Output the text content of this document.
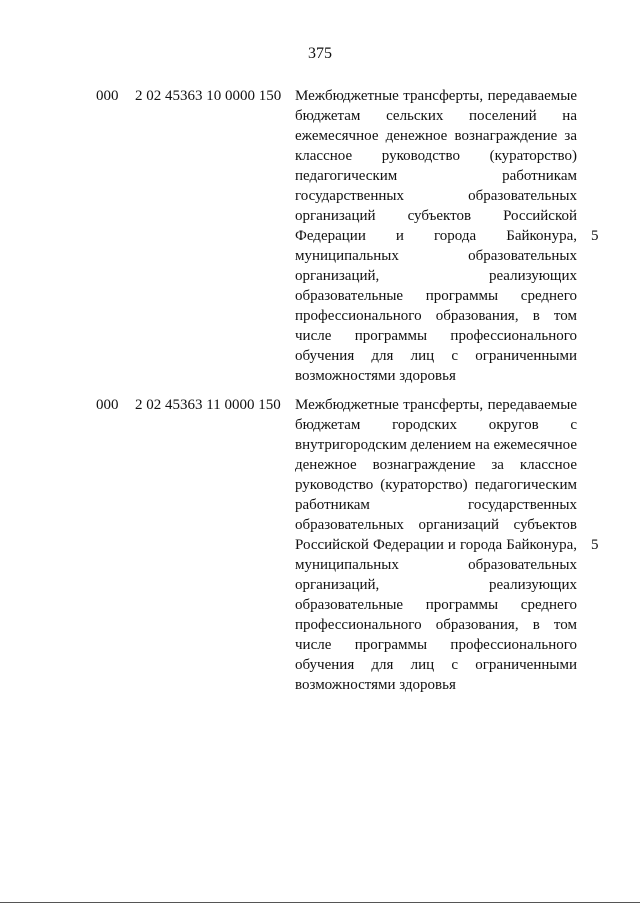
375
000 2 02 45363 10 0000 150 Межбюджетные трансферты, передаваемые
бюджетам сельских поселений на
ежемесячное денежное вознаграждение за
классное руководство (кураторство)
педагогическим работникам
государственных образовательных
организаций субъектов Российской
Федерации и города Байконура,
муниципальных образовательных
организаций, реализующих
образовательные программы среднего
профессионального образования, в том
числе программы профессионального
обучения для лиц с ограниченными
возможностями здоровья
5
000 2 02 45363 11 0000 150 Межбюджетные трансферты, передаваемые
бюджетам городских округов с
внутригородским делением на ежемесячное
денежное вознаграждение за классное
руководство (кураторство) педагогическим
работникам государственных
образовательных организаций субъектов
Российской Федерации и города Байконура,
муниципальных образовательных
организаций, реализующих
образовательные программы среднего
профессионального образования, в том
числе программы профессионального
обучения для лиц с ограниченными
возможностями здоровья
5
